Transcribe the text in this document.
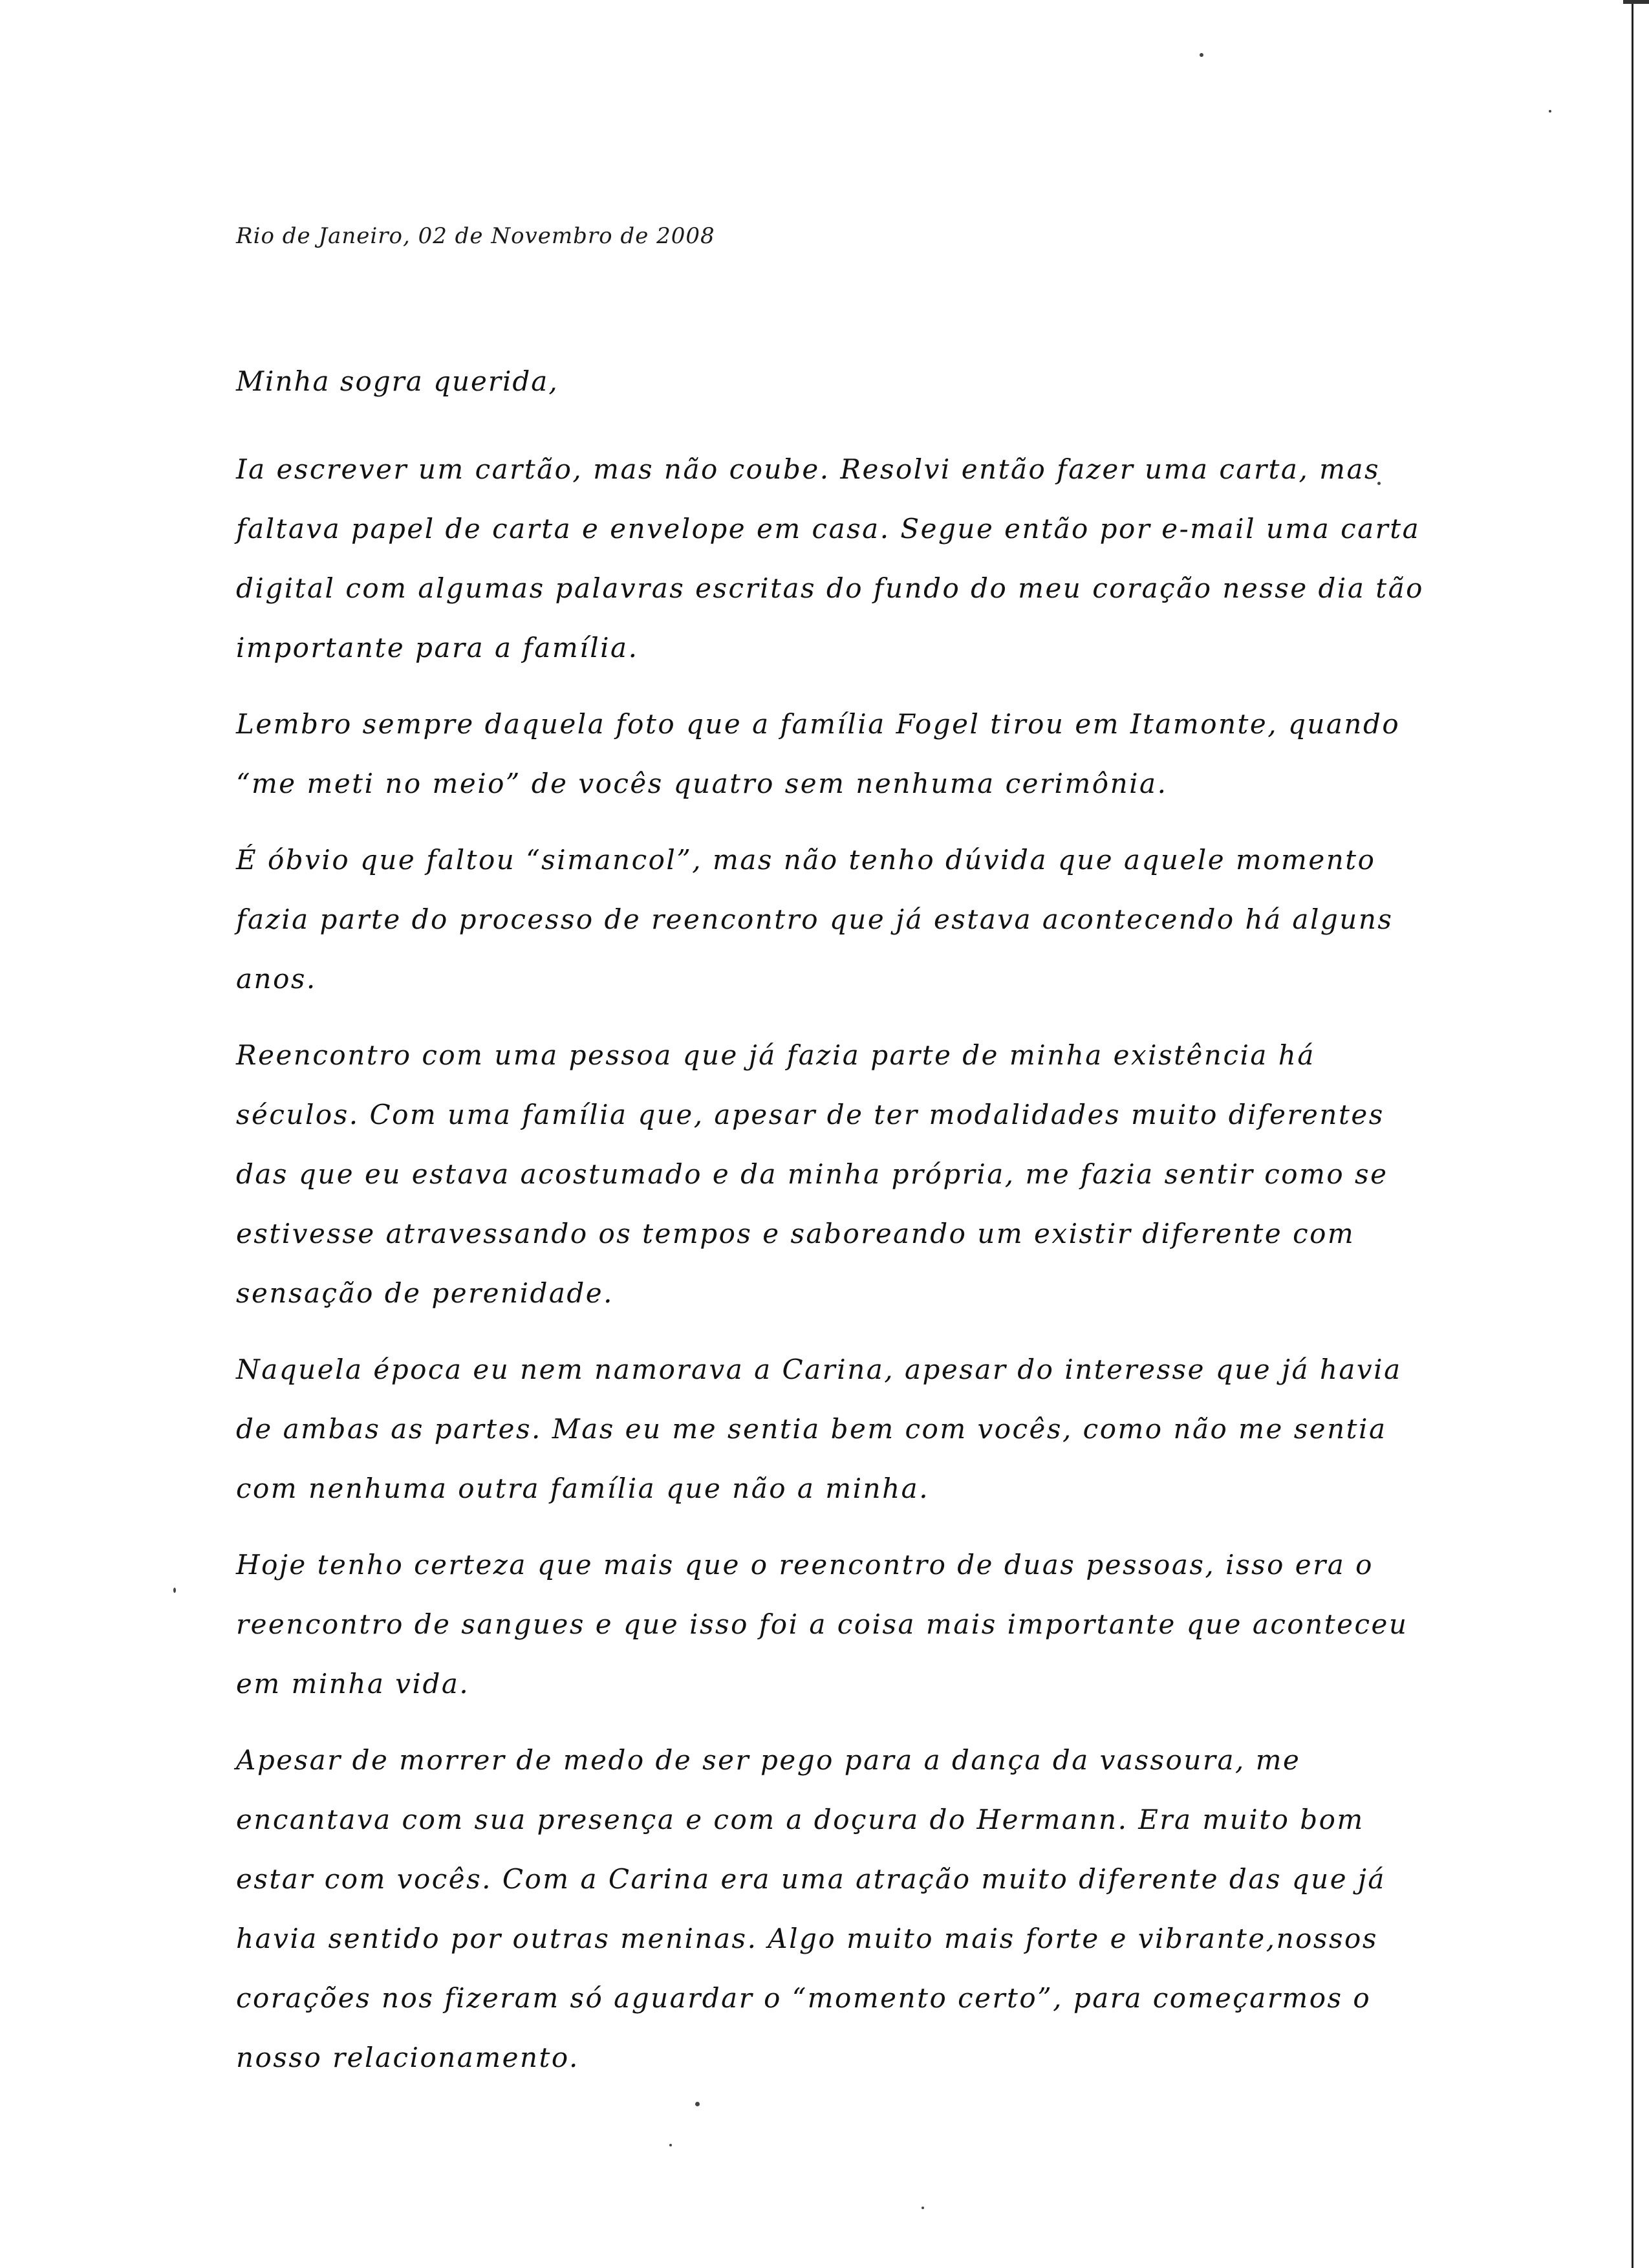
Rio de Janeiro, 02 de Novembro de 2008
Minha sogra querida,

Ia escrever um cartão, mas não coube. Resolvi então fazer uma carta, mas faltava papel de carta e envelope em casa. Segue então por e-mail uma carta digital com algumas palavras escritas do fundo do meu coração nesse dia tão importante para a família.

Lembro sempre daquela foto que a família Fogel tirou em Itamonte, quando “me meti no meio” de vocês quatro sem nenhuma cerimônia.

É óbvio que faltou “simancol”, mas não tenho dúvida que aquele momento fazia parte do processo de reencontro que já estava acontecendo há alguns anos.

Reencontro com uma pessoa que já fazia parte de minha existência há séculos. Com uma família que, apesar de ter modalidades muito diferentes das que eu estava acostumado e da minha própria, me fazia sentir como se estivesse atravessando os tempos e saboreando um existir diferente com sensação de perenidade.

Naquela época eu nem namorava a Carina, apesar do interesse que já havia de ambas as partes. Mas eu me sentia bem com vocês, como não me sentia com nenhuma outra família que não a minha.

Hoje tenho certeza que mais que o reencontro de duas pessoas, isso era o reencontro de sangues e que isso foi a coisa mais importante que aconteceu em minha vida.

Apesar de morrer de medo de ser pego para a dança da vassoura, me encantava com sua presença e com a doçura do Hermann. Era muito bom estar com vocês. Com a Carina era uma atração muito diferente das que já havia sentido por outras meninas. Algo muito mais forte e vibrante,nossos corações nos fizeram só aguardar o “momento certo”, para começarmos o nosso relacionamento.
